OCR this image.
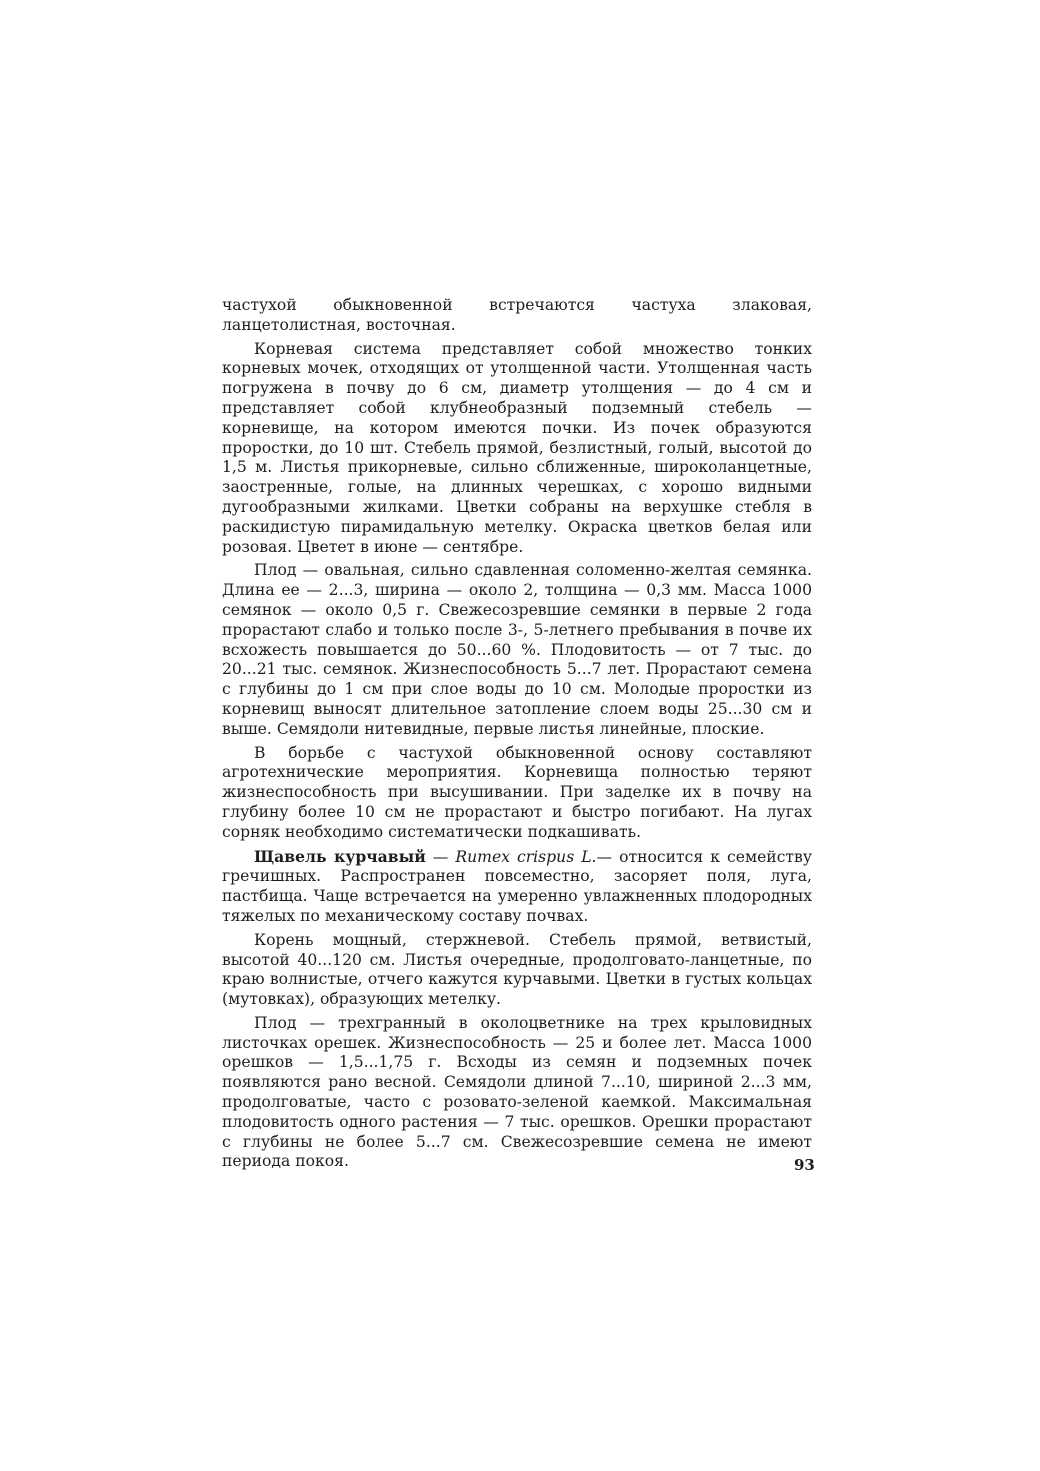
частухой обыкновенной встречаются частуха злаковая, ланцетолистная, восточная.

Корневая система представляет собой множество тонких корневых мочек, отходящих от утолщенной части. Утолщенная часть погружена в почву до 6 см, диаметр утолщения — до 4 см и представляет собой клубнеобразный подземный стебель — корневище, на котором имеются почки. Из почек образуются проростки, до 10 шт. Стебель прямой, безлистный, голый, высотой до 1,5 м. Листья прикорневые, сильно сближенные, широколанцетные, заостренные, голые, на длинных черешках, с хорошо видными дугообразными жилками. Цветки собраны на верхушке стебля в раскидистую пирамидальную метелку. Окраска цветков белая или розовая. Цветет в июне — сентябре.

Плод — овальная, сильно сдавленная соломенно-желтая семянка. Длина ее — 2...3, ширина — около 2, толщина — 0,3 мм. Масса 1000 семянок — около 0,5 г. Свежесозревшие семянки в первые 2 года прорастают слабо и только после 3-, 5-летнего пребывания в почве их всхожесть повышается до 50...60 %. Плодовитость — от 7 тыс. до 20...21 тыс. семянок. Жизнеспособность 5...7 лет. Прорастают семена с глубины до 1 см при слое воды до 10 см. Молодые проростки из корневищ выносят длительное затопление слоем воды 25...30 см и выше. Семядоли нитевидные, первые листья линейные, плоские.

В борьбе с частухой обыкновенной основу составляют агротехнические мероприятия. Корневища полностью теряют жизнеспособность при высушивании. При заделке их в почву на глубину более 10 см не прорастают и быстро погибают. На лугах сорняк необходимо систематически подкашивать.

Щавель курчавый — Rumex crispus L.— относится к семейству гречишных. Распространен повсеместно, засоряет поля, луга, пастбища. Чаще встречается на умеренно увлажненных плодородных тяжелых по механическому составу почвах.

Корень мощный, стержневой. Стебель прямой, ветвистый, высотой 40...120 см. Листья очередные, продолговато-ланцетные, по краю волнистые, отчего кажутся курчавыми. Цветки в густых кольцах (мутовках), образующих метелку.

Плод — трехгранный в околоцветнике на трех крыловидных листочках орешек. Жизнеспособность — 25 и более лет. Масса 1000 орешков — 1,5...1,75 г. Всходы из семян и подземных почек появляются рано весной. Семядоли длиной 7...10, шириной 2...3 мм, продолговатые, часто с розовато-зеленой каемкой. Максимальная плодовитость одного растения — 7 тыс. орешков. Орешки прорастают с глубины не более 5...7 см. Свежесозревшие семена не имеют периода покоя.	93
